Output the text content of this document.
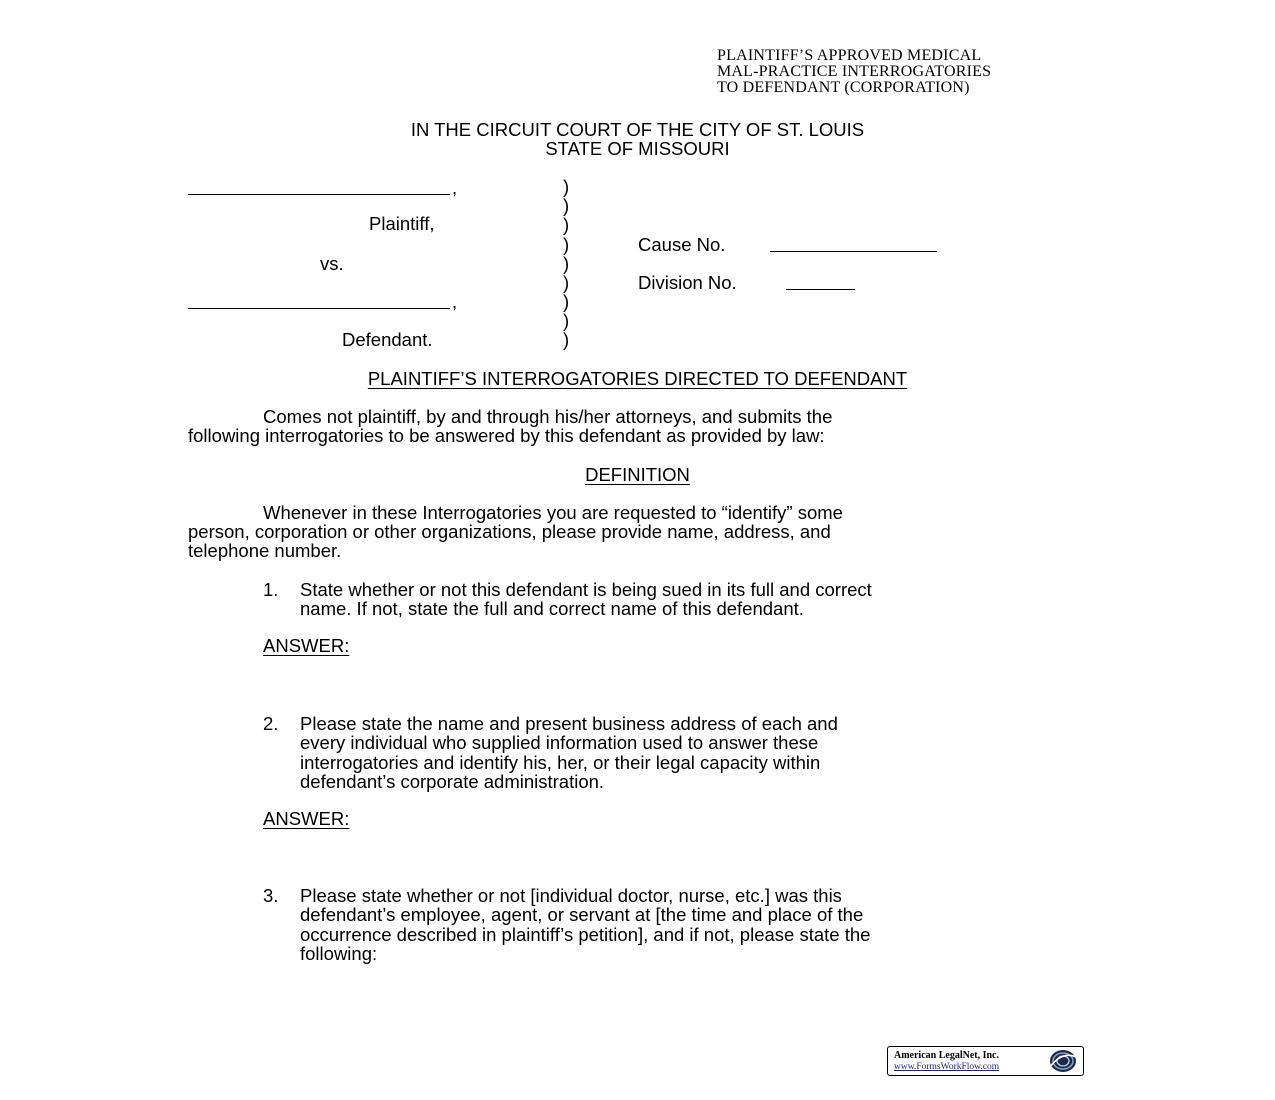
PLAINTIFF’S APPROVED MEDICAL
MAL-PRACTICE INTERROGATORIES
TO DEFENDANT (CORPORATION)
IN THE CIRCUIT COURT OF THE CITY OF ST. LOUIS
STATE OF MISSOURI
,
Plaintiff,
vs.
,
Defendant.
)
)
)
)
)
)
)
)
)
Cause No.
Division No.
PLAINTIFF’S INTERROGATORIES DIRECTED TO DEFENDANT
Comes not plaintiff, by and through his/her attorneys, and submits the
following interrogatories to be answered by this defendant as provided by law:
DEFINITION
Whenever in these Interrogatories you are requested to “identify” some
person, corporation or other organizations, please provide name, address, and
telephone number.
1. State whether or not this defendant is being sued in its full and correct
name. If not, state the full and correct name of this defendant.
ANSWER:
2. Please state the name and present business address of each and
every individual who supplied information used to answer these
interrogatories and identify his, her, or their legal capacity within
defendant’s corporate administration.
ANSWER:
3. Please state whether or not [individual doctor, nurse, etc.] was this
defendant’s employee, agent, or servant at [the time and place of the
occurrence described in plaintiff’s petition], and if not, please state the
following:
American LegalNet, Inc.
www.FormsWorkFlow.com
